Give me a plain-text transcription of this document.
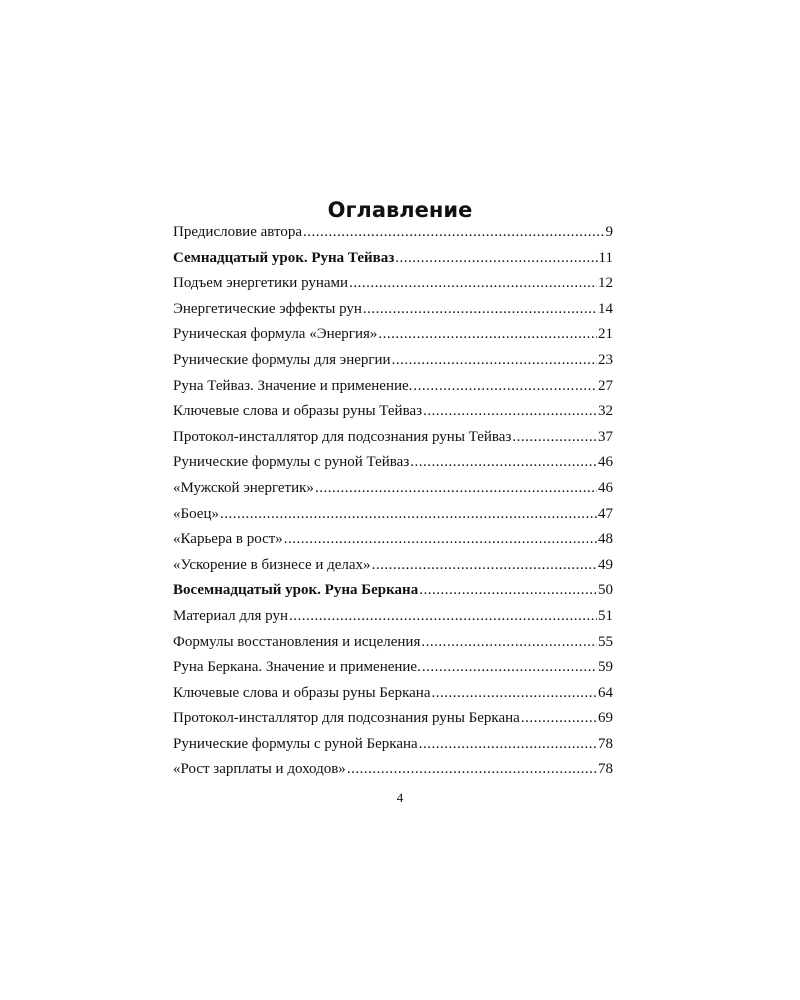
Оглавление
Предисловие автора .....	9
Семнадцатый урок. Руна Тейваз .....	11
Подъем энергетики рунами .....	12
Энергетические эффекты рун .....	14
Руническая формула «Энергия» .....	21
Рунические формулы для энергии .....	23
Руна Тейваз. Значение и применение. .....	27
Ключевые слова и образы руны Тейваз .....	32
Протокол-инсталлятор для подсознания руны Тейваз .....	37
Рунические формулы с руной Тейваз .....	46
«Мужской энергетик» .....	46
«Боец» .....	47
«Карьера в рост» .....	48
«Ускорение в бизнесе и делах» .....	49
Восемнадцатый урок. Руна Беркана .....	50
Материал для рун .....	51
Формулы восстановления и исцеления .....	55
Руна Беркана. Значение и применение. .....	59
Ключевые слова и образы руны Беркана .....	64
Протокол-инсталлятор для подсознания руны Беркана .....	69
Рунические формулы с руной Беркана .....	78
«Рост зарплаты и доходов» .....	78

4
